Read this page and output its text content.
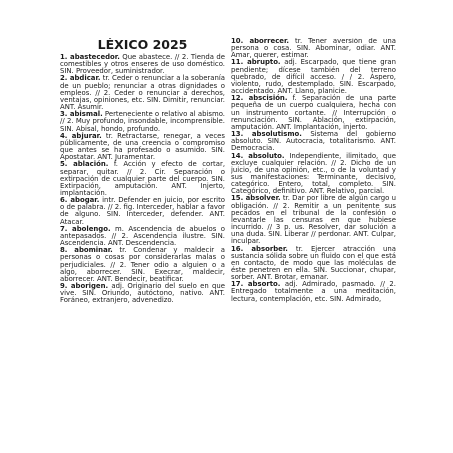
LÉXICO 2025

1. abastecedor. Que abastece. // 2. Tienda de comestibles y otros enseres de uso doméstico. SIN. Proveedor, suministrador.

2. abdicar. tr. Ceder o renunciar a la soberanía de un pueblo; renunciar a otras dignidades o empleos. // 2. Ceder o renunciar a derechos, ventajas, opiniones, etc. SIN. Dimitir, renunciar. ANT. Asumir.

3. abismal. Perteneciente o relativo al abismo. // 2. Muy profundo, insondable, incomprensible. SIN. Abisal, hondo, profundo.

4. abjurar. tr. Retractarse, renegar, a veces públicamente, de una creencia o compromiso que antes se ha profesado o asumido. SIN. Apostatar. ANT. Juramentar.

5. ablación. f. Acción y efecto de cortar, separar, quitar. // 2. Cir. Separación o extirpación de cualquier parte del cuerpo. SIN. Extirpación, amputación. ANT. Injerto, implantación.

6. abogar. intr. Defender en juicio, por escrito o de palabra. // 2. fig. Interceder, hablar a favor de alguno. SIN. Interceder, defender. ANT. Atacar.

7. abolengo. m. Ascendencia de abuelos o antepasados. // 2. Ascendencia ilustre. SIN. Ascendencia. ANT. Descendencia.

8. abominar. tr. Condenar y maldecir a personas o cosas por considerarlas malas o perjudiciales. // 2. Tener odio a alguien o a algo, aborrecer. SIN. Execrar, maldecir, aborrecer. ANT. Bendecir, beatificar.

9. aborigen. adj. Originario del suelo en que vive. SIN. Oriundo, autóctono, nativo. ANT. Foráneo, extranjero, advenedizo.

10. aborrecer. tr. Tener aversión de una persona o cosa. SIN. Abominar, odiar. ANT. Amar, querer, estimar.

11. abrupto. adj. Escarpado, que tiene gran pendiente; dícese también del terreno quebrado, de difícil acceso. / / 2. Áspero, violento, rudo, destemplado. SIN. Escarpado, accidentado. ANT. Llano, planicie.

12. abscisión. f. Separación de una parte pequeña de un cuerpo cualquiera, hecha con un instrumento cortante. // Interrupción o renunciación. SIN. Ablación, extirpación, amputación. ANT. Implantación, injerto.

13. absolutismo. Sistema del gobierno absoluto. SIN. Autocracia, totalitarismo. ANT. Democracia.

14. absoluto. Independiente, ilimitado, que excluye cualquier relación. // 2. Dicho de un juicio, de una opinión, etc., o de la voluntad y sus manifestaciones: Terminante, decisivo, categórico. Entero, total, completo. SIN. Categórico, definitivo. ANT. Relativo, parcial.

15. absolver. tr. Dar por libre de algún cargo u obligación. // 2. Remitir a un penitente sus pecados en el tribunal de la confesión o levantarle las censuras en que hubiese incurrido. // 3 p. us. Resolver, dar solución a una duda. SIN. Liberar // perdonar. ANT. Culpar, inculpar.

16. absorber. tr. Ejercer atracción una sustancia sólida sobre un fluido con el que está en contacto, de modo que las moléculas de éste penetren en ella. SIN. Succionar, chupar, sorber. ANT. Brotar, emanar.

17. absorto. adj. Admirado, pasmado. // 2. Entregado totalmente a una meditación, lectura, contemplación, etc. SIN. Admirado,
